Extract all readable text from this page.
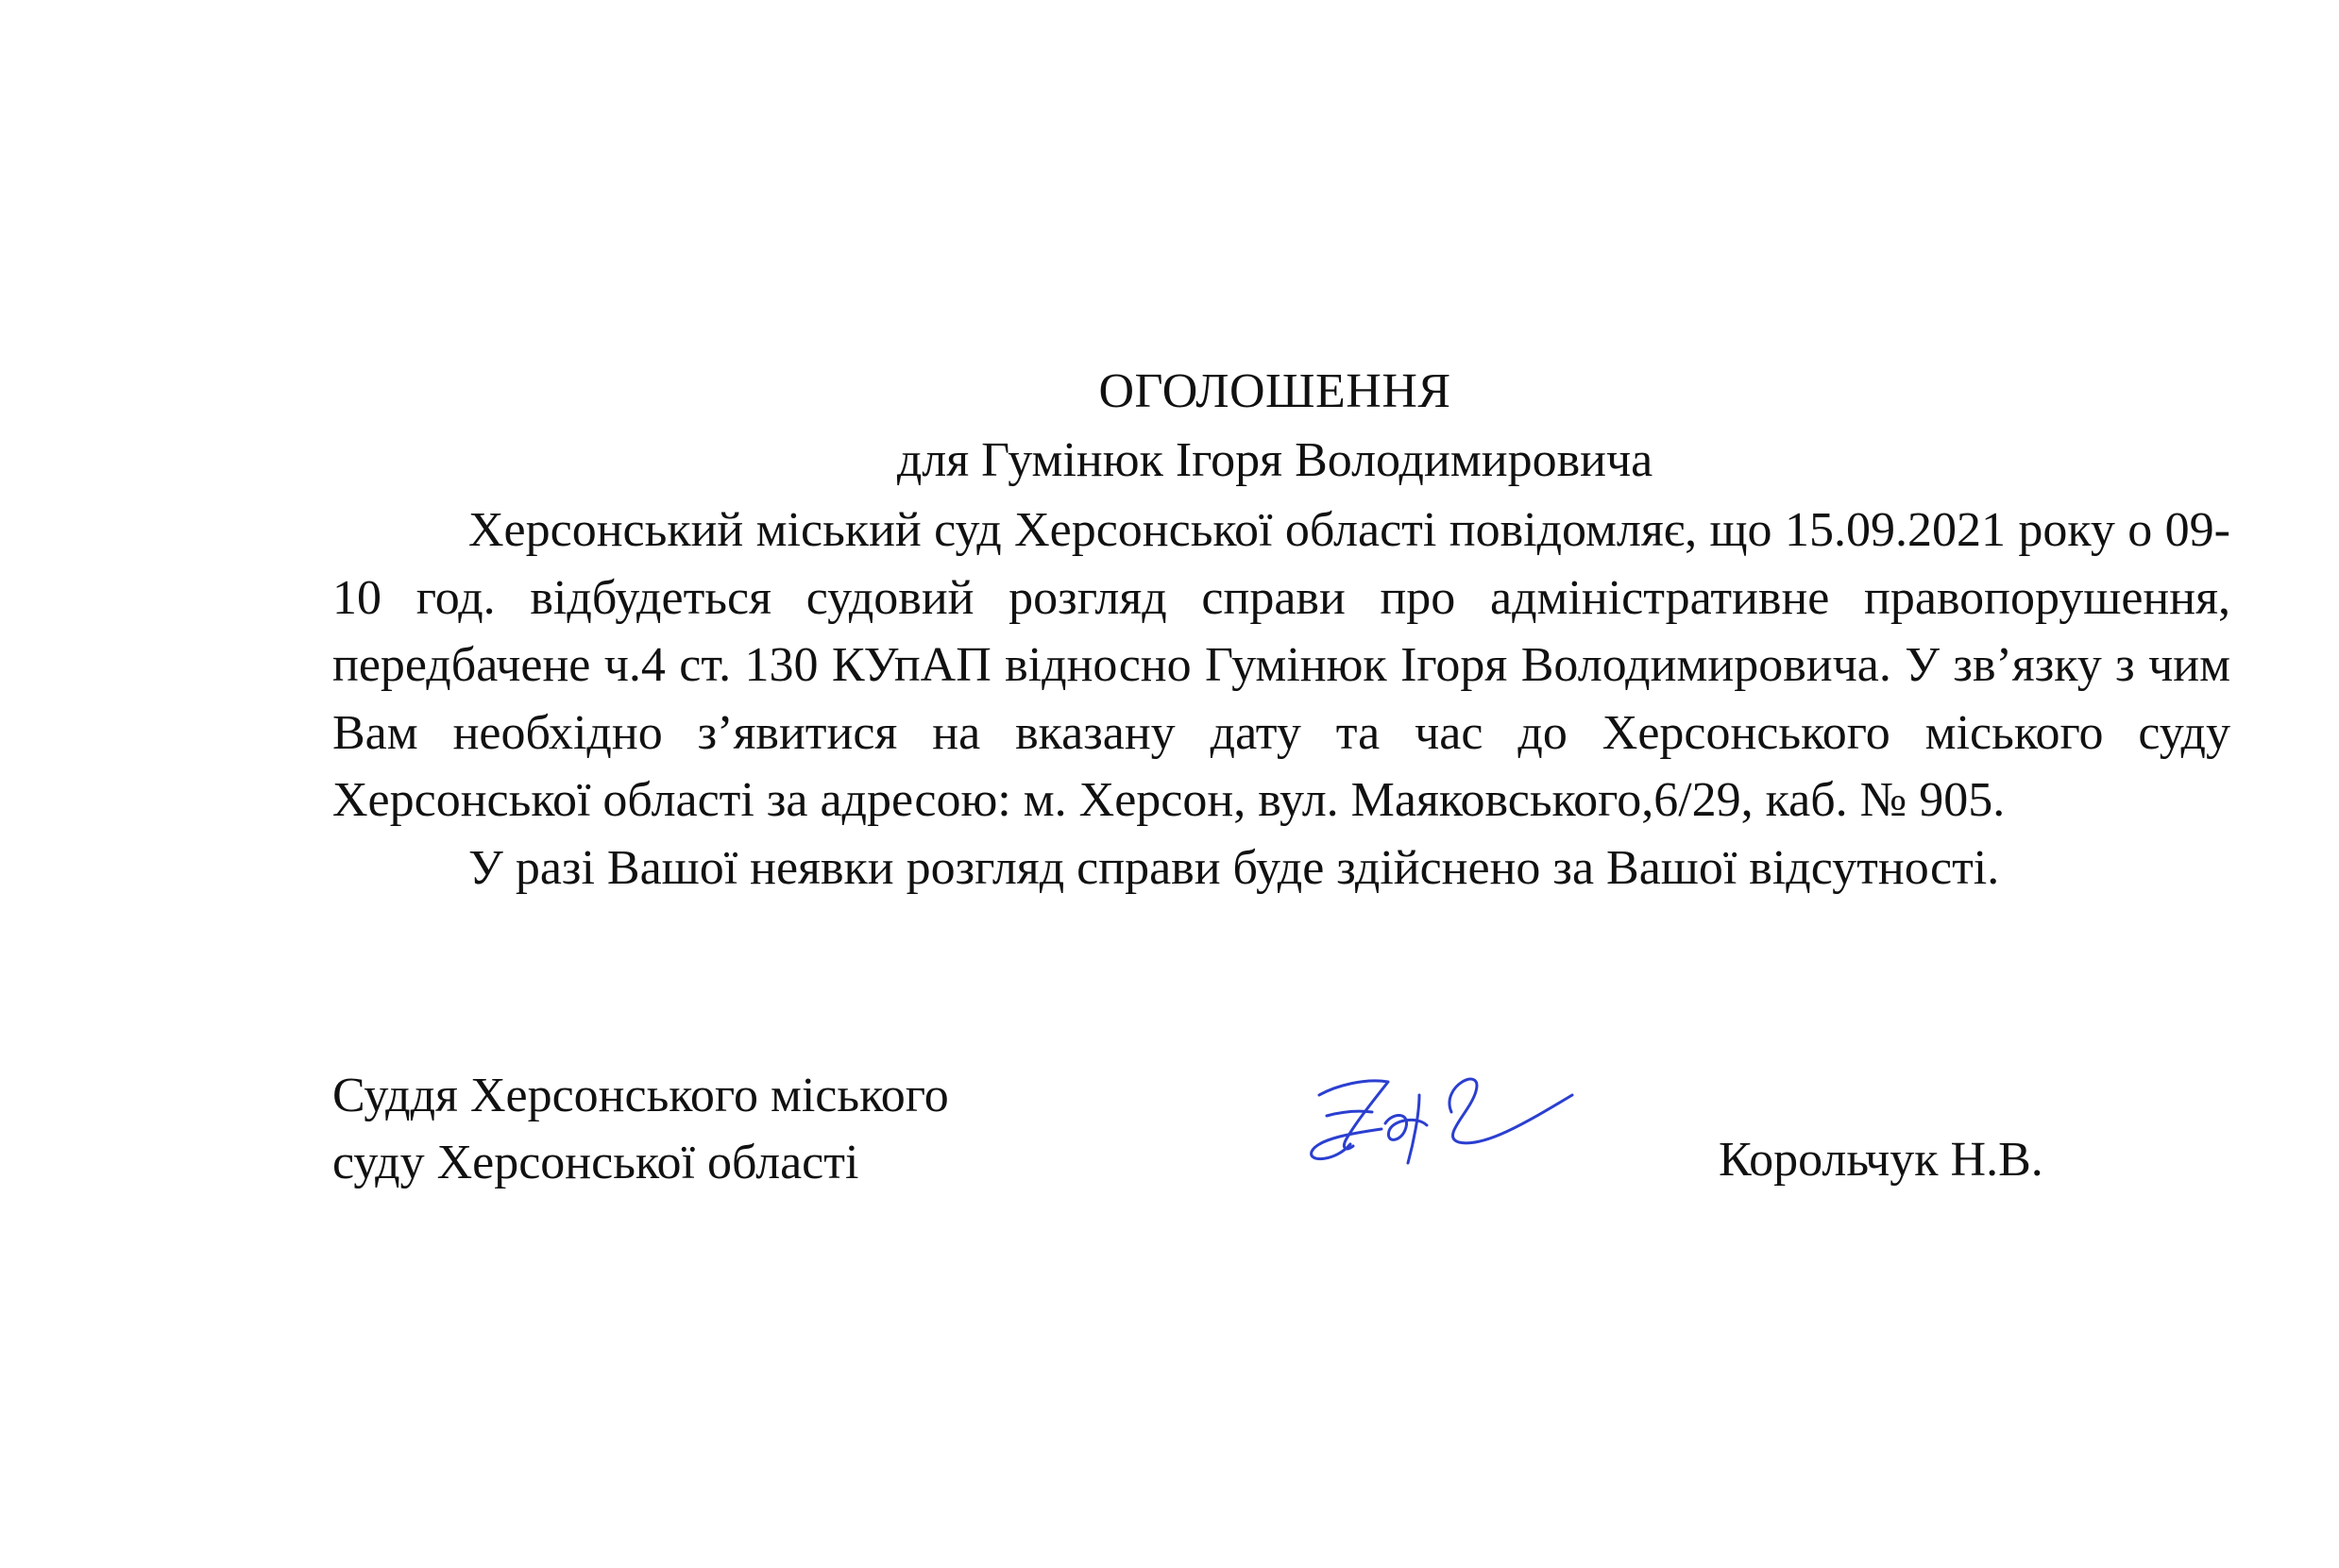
ОГОЛОШЕННЯ
для Гумінюк Ігоря Володимировича

Херсонський міський суд Херсонської області повідомляє, що 15.09.2021 року о 09-10 год. відбудеться судовий розгляд справи про адміністративне правопорушення, передбачене ч.4 ст. 130 КУпАП відносно Гумінюк Ігоря Володимировича. У зв’язку з чим Вам необхідно з’явитися на вказану дату та час до Херсонського міського суду Херсонської області за адресою: м. Херсон, вул. Маяковського,6/29, каб. № 905.

У разі Вашої неявки розгляд справи буде здійснено за Вашої відсутності.

Суддя Херсонського міського
суду Херсонської області	Корольчук Н.В.
